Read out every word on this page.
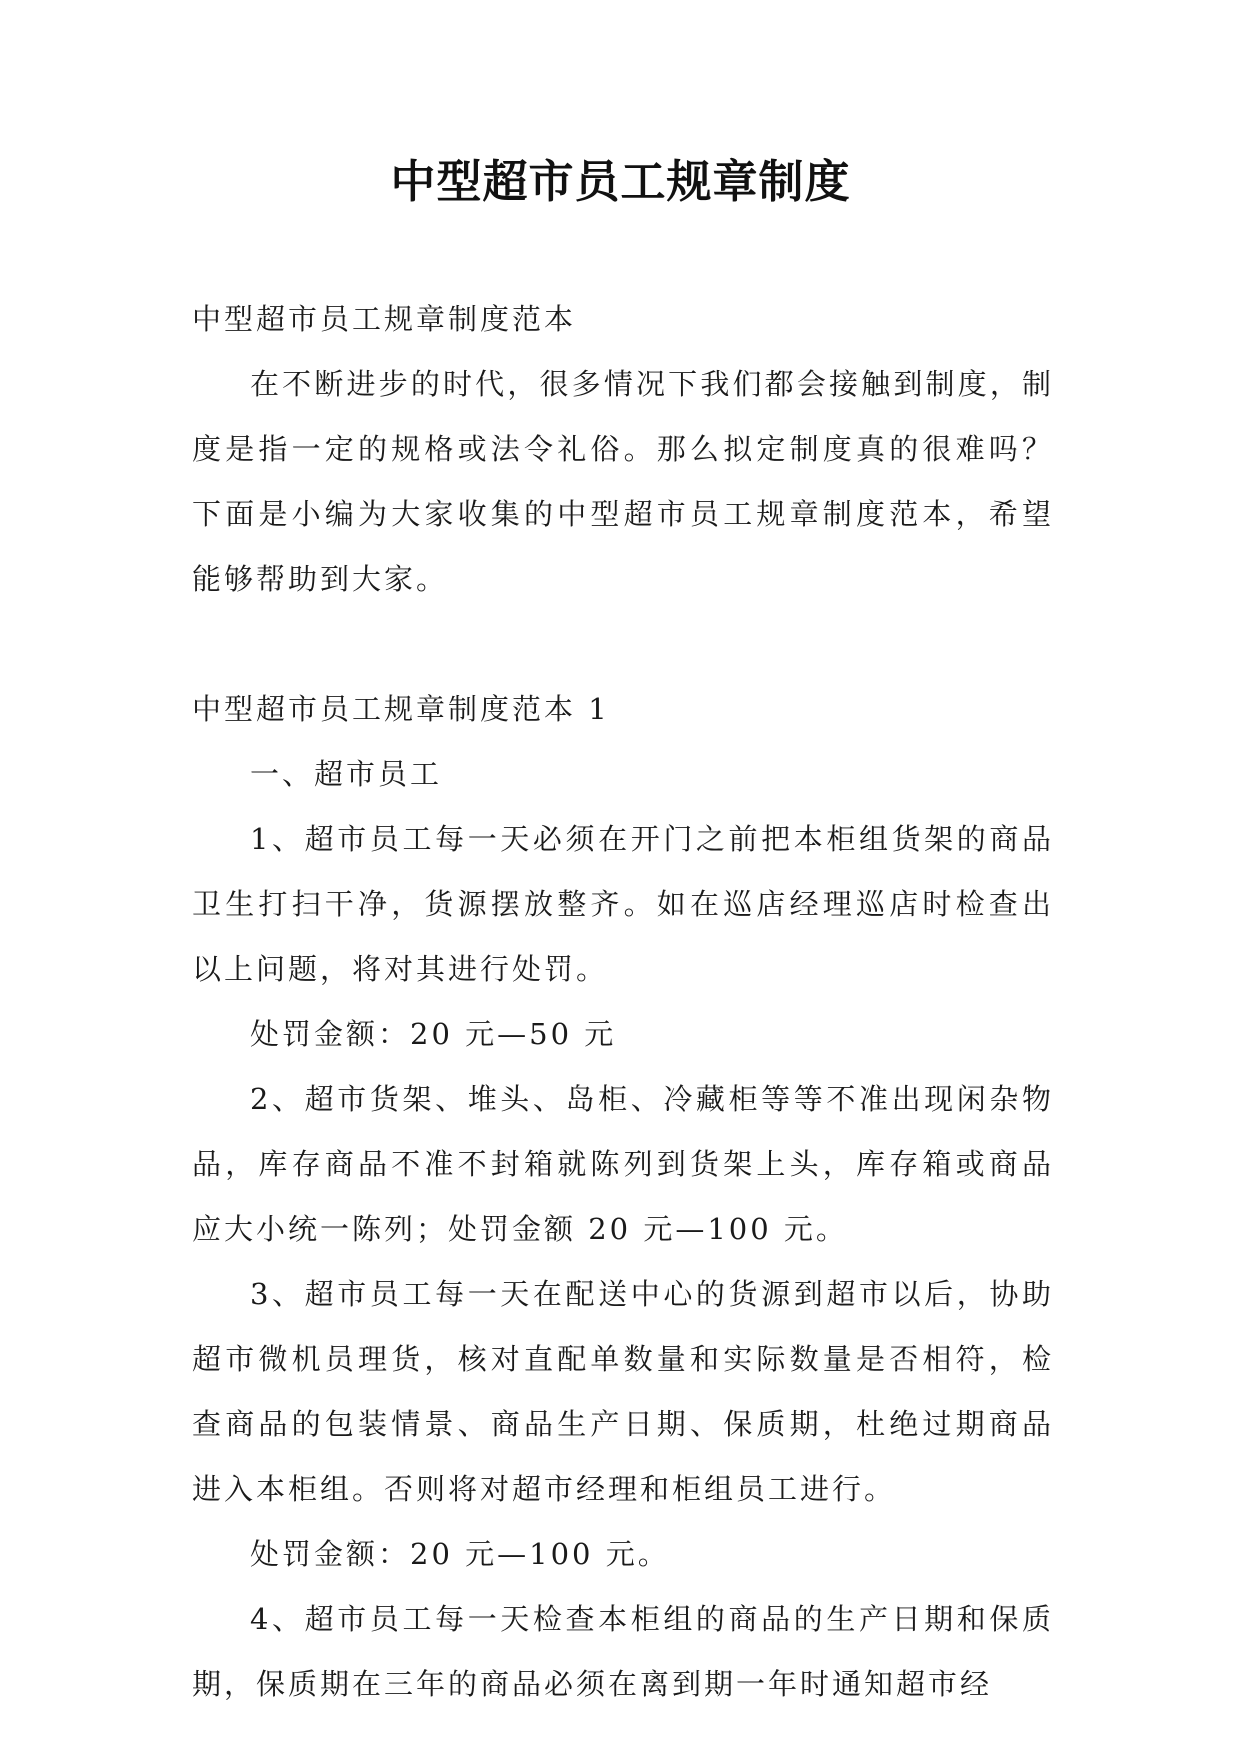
中型超市员工规章制度

中型超市员工规章制度范本

在不断进步的时代，很多情况下我们都会接触到制度，制度是指一定的规格或法令礼俗。那么拟定制度真的很难吗？下面是小编为大家收集的中型超市员工规章制度范本，希望能够帮助到大家。

中型超市员工规章制度范本 1

一、超市员工

1、超市员工每一天必须在开门之前把本柜组货架的商品卫生打扫干净，货源摆放整齐。如在巡店经理巡店时检查出以上问题，将对其进行处罚。

处罚金额：20 元—50 元

2、超市货架、堆头、岛柜、冷藏柜等等不准出现闲杂物品，库存商品不准不封箱就陈列到货架上头，库存箱或商品应大小统一陈列；处罚金额 20 元—100 元。

3、超市员工每一天在配送中心的货源到超市以后，协助超市微机员理货，核对直配单数量和实际数量是否相符，检查商品的包装情景、商品生产日期、保质期，杜绝过期商品进入本柜组。否则将对超市经理和柜组员工进行。

处罚金额：20 元—100 元。

4、超市员工每一天检查本柜组的商品的生产日期和保质期，保质期在三年的商品必须在离到期一年时通知超市经
